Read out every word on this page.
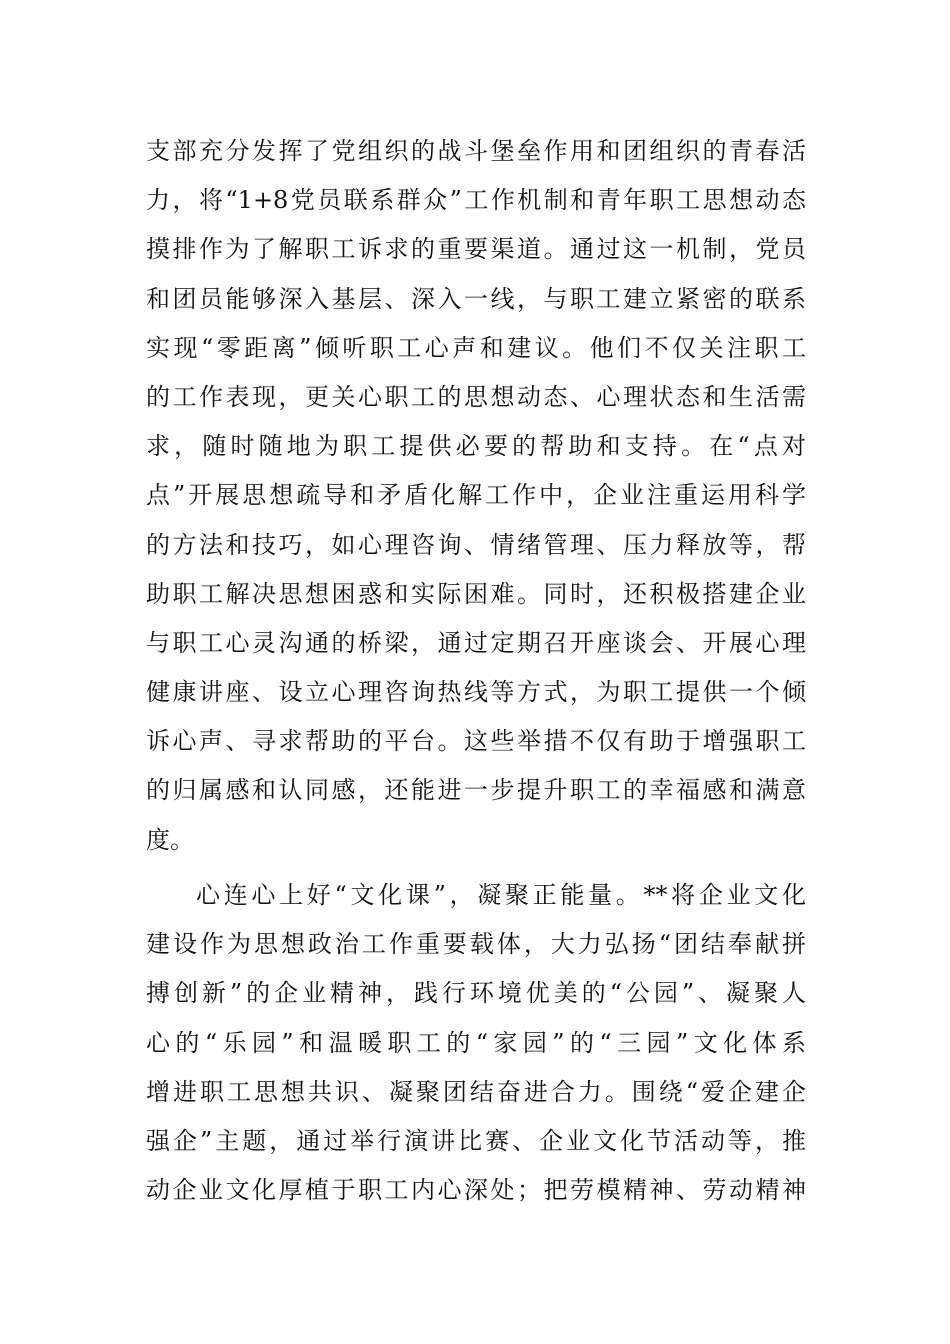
支部充分发挥了党组织的战斗堡垒作用和团组织的青春活
力，将“1+8党员联系群众”工作机制和青年职工思想动态
摸排作为了解职工诉求的重要渠道。通过这一机制，党员
和团员能够深入基层、深入一线，与职工建立紧密的联系
实现“零距离”倾听职工心声和建议。他们不仅关注职工
的工作表现，更关心职工的思想动态、心理状态和生活需
求，随时随地为职工提供必要的帮助和支持。在“点对
点”开展思想疏导和矛盾化解工作中，企业注重运用科学
的方法和技巧，如心理咨询、情绪管理、压力释放等，帮
助职工解决思想困惑和实际困难。同时，还积极搭建企业
与职工心灵沟通的桥梁，通过定期召开座谈会、开展心理
健康讲座、设立心理咨询热线等方式，为职工提供一个倾
诉心声、寻求帮助的平台。这些举措不仅有助于增强职工
的归属感和认同感，还能进一步提升职工的幸福感和满意
度。
心连心上好“文化课”，凝聚正能量。**将企业文化
建设作为思想政治工作重要载体，大力弘扬“团结奉献拼
搏创新”的企业精神，践行环境优美的“公园”、凝聚人
心的“乐园”和温暖职工的“家园”的“三园”文化体系
增进职工思想共识、凝聚团结奋进合力。围绕“爱企建企
强企”主题，通过举行演讲比赛、企业文化节活动等，推
动企业文化厚植于职工内心深处；把劳模精神、劳动精神
